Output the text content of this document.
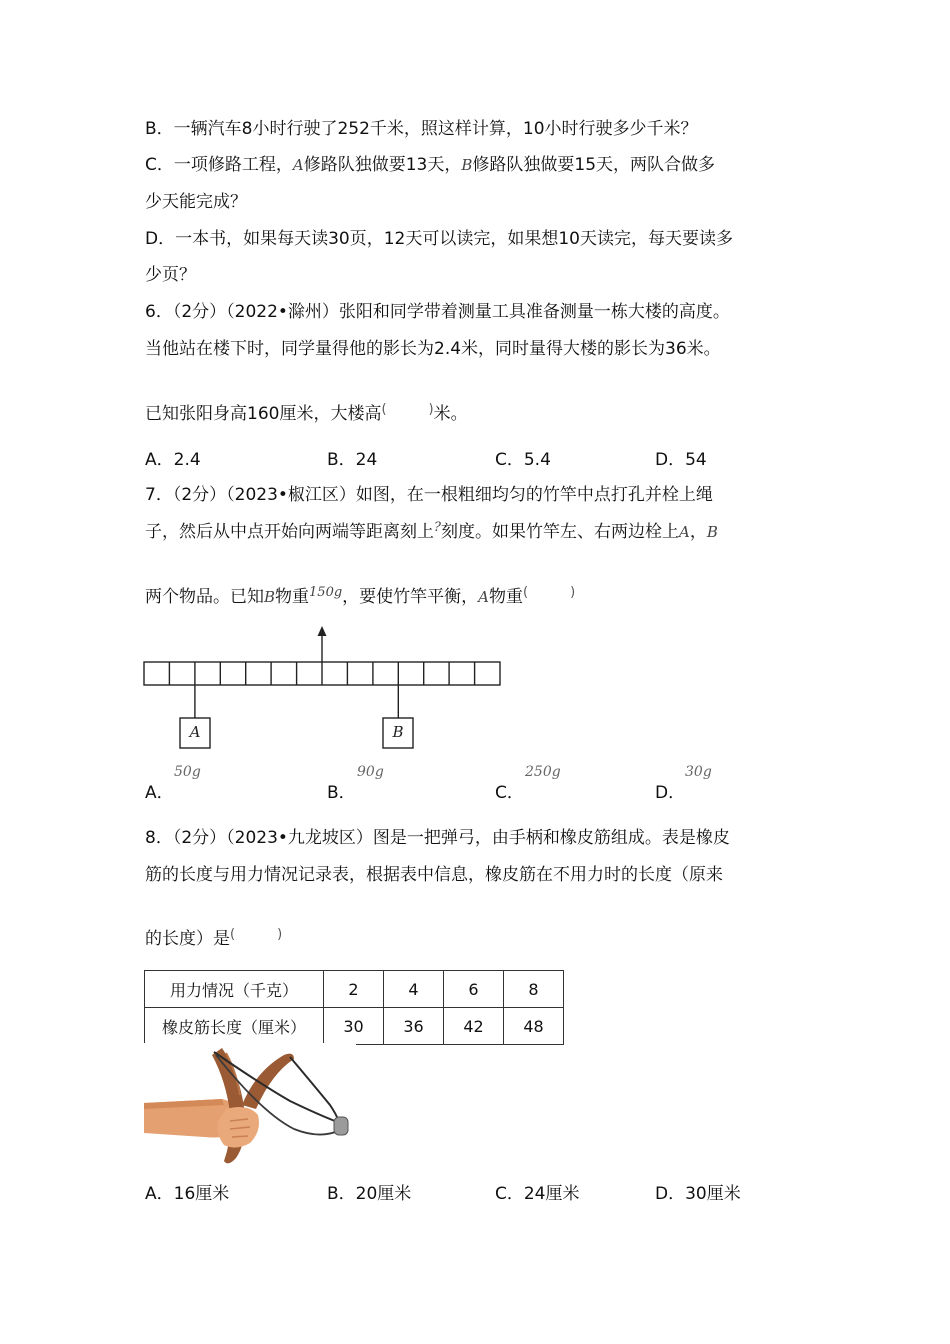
B．一辆汽车8小时行驶了252千米，照这样计算，10小时行驶多少千米？
C．一项修路工程，A修路队独做要13天，B修路队独做要15天，两队合做多
少天能完成？
D．一本书，如果每天读30页，12天可以读完，如果想10天读完，每天要读多
少页？
6．（2分）（2022•滁州）张阳和同学带着测量工具准备测量一栋大楼的高度。
当他站在楼下时，同学量得他的影长为2.4米，同时量得大楼的影长为36米。
已知张阳身高160厘米，大楼高(	)米。
A．2.4	B．24	C．5.4	D．54
7．（2分）（2023•椒江区）如图，在一根粗细均匀的竹竿中点打孔并栓上绳
子，然后从中点开始向两端等距离刻上?刻度。如果竹竿左、右两边栓上A，B
两个物品。已知B物重$^{150g}$，要使竹竿平衡，A物重(	)
A	B
50g
A．
90g
B．
250g
C．
30g
D．
8．（2分）（2023•九龙坡区）图是一把弹弓，由手柄和橡皮筋组成。表是橡皮
筋的长度与用力情况记录表，根据表中信息，橡皮筋在不用力时的长度（原来
的长度）是(	)
用力情况（千克）	2	4	6	8
橡皮筋长度（厘米）	30	36	42	48
A．16厘米	B．20厘米	C．24厘米	D．30厘米
